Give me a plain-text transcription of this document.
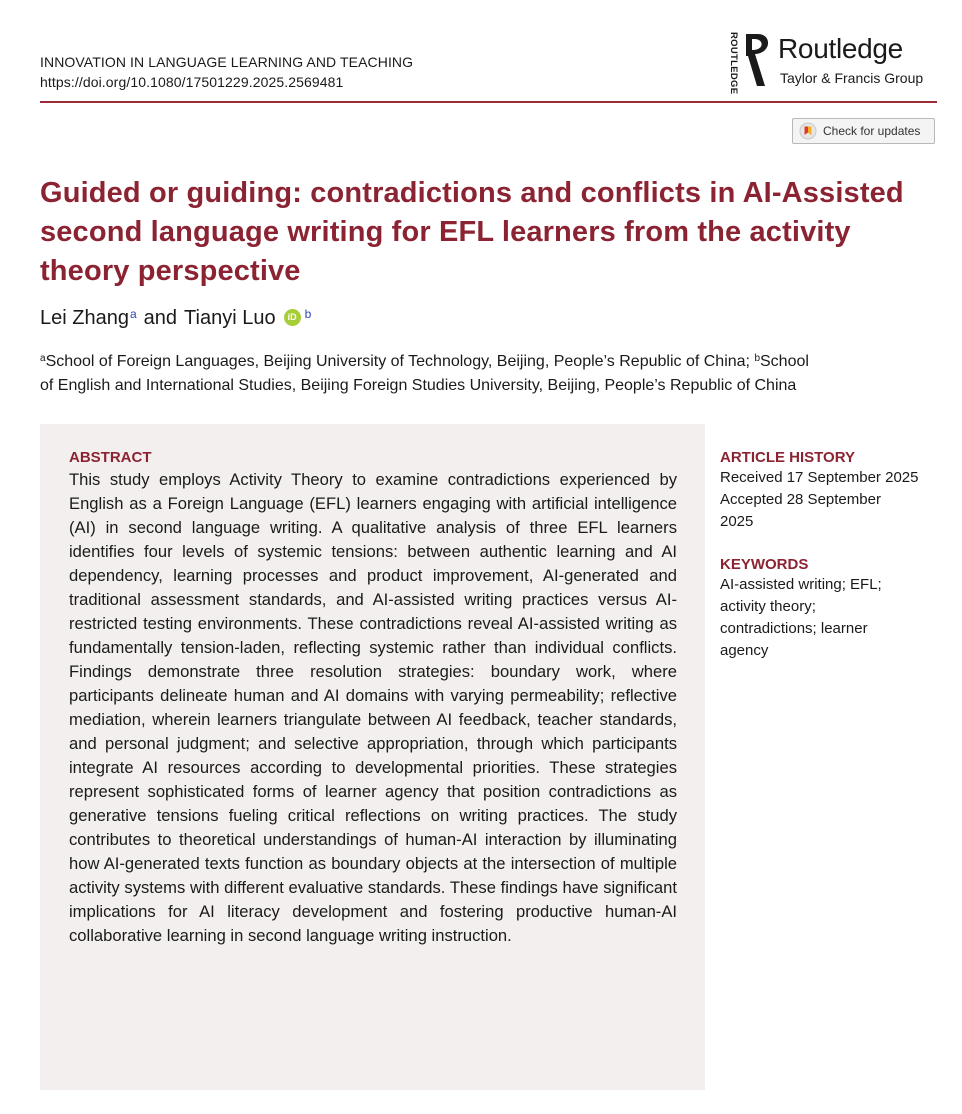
INNOVATION IN LANGUAGE LEARNING AND TEACHING
https://doi.org/10.1080/17501229.2025.2569481	ROUTLEDGE Routledge
Taylor & Francis Group
Check for updates
Guided or guiding: contradictions and conflicts in AI-Assisted
second language writing for EFL learners from the activity
theory perspective
Lei Zhang$^a$ and Tianyi Luo	iD $^b$
$^a$School of Foreign Languages, Beijing University of Technology, Beijing, People’s Republic of China; $^b$School
of English and International Studies, Beijing Foreign Studies University, Beijing, People’s Republic of China
ABSTRACT
This study employs Activity Theory to examine contradictions experienced by English as a Foreign Language (EFL) learners engaging with artificial intelligence (AI) in second language writing. A qualitative analysis of three EFL learners identifies four levels of systemic tensions: between authentic learning and AI dependency, learning processes and product improvement, AI-generated and traditional assessment standards, and AI-assisted writing practices versus AI-restricted testing environments. These contradictions reveal AI-assisted writing as fundamentally tension-laden, reflecting systemic rather than individual conflicts. Findings demonstrate three resolution strategies: boundary work, where participants delineate human and AI domains with varying permeability; reflective mediation, wherein learners triangulate between AI feedback, teacher standards, and personal judgment; and selective appropriation, through which participants integrate AI resources according to developmental priorities. These strategies represent sophisticated forms of learner agency that position contradictions as generative tensions fueling critical reflections on writing practices. The study contributes to theoretical understandings of human-AI interaction by illuminating how AI-generated texts function as boundary objects at the intersection of multiple activity systems with different evaluative standards. These findings have significant implications for AI literacy development and fostering productive human-AI collaborative learning in second language writing instruction.
ARTICLE HISTORY
Received 17 September 2025
Accepted 28 September
2025
KEYWORDS
AI-assisted writing; EFL;
activity theory;
contradictions; learner
agency
